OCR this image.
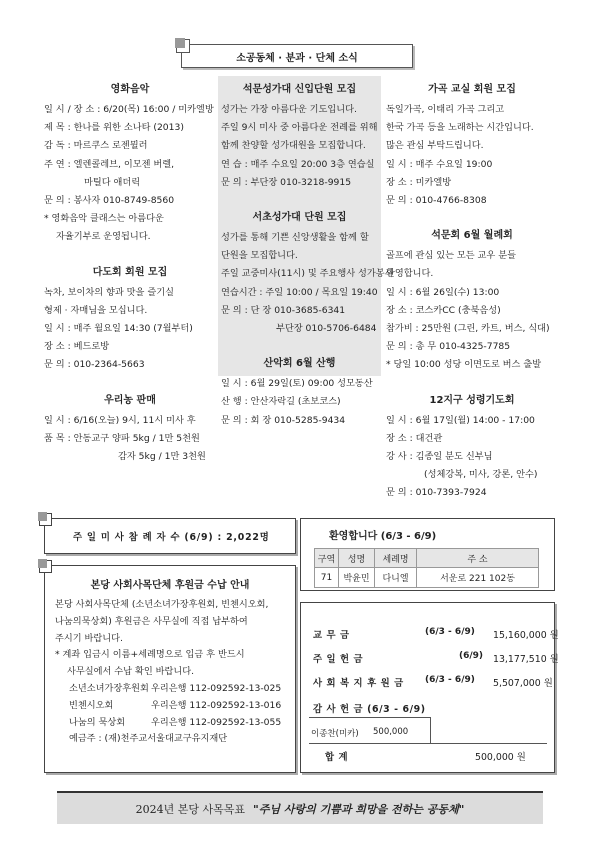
소공동체 · 분과 · 단체 소식
영화음악
일 시 / 장 소 : 6/20(목) 16:00 / 미카엘방
제 목 : 한나를 위한 소나타 (2013)
감 독 : 마르쿠스 로젠뮐러
주 연 : 엘렌콜레브, 이모젠 버렐,
마틸다 애더릭
문 의 : 봉사자 010-8749-8560
* 영화음악 클래스는 아름다운
자율기부로 운영됩니다.
다도회 회원 모집
녹차, 보이차의 향과 맛을 즐기실
형제 · 자매님을 모십니다.
일 시 : 매주 월요일 14:30 (7월부터)
장 소 : 베드로방
문 의 : 010-2364-5663
우리농 판매
일 시 : 6/16(오늘) 9시, 11시 미사 후
품 목 : 안동교구 양파 5kg / 1만 5천원
감자 5kg / 1만 3천원
석문성가대 신입단원 모집
성가는 가장 아름다운 기도입니다.
주일 9시 미사 중 아름다운 전례를 위해
함께 찬양할 성가대원을 모집합니다.
연 습 : 매주 수요일 20:00 3층 연습실
문 의 : 부단장 010-3218-9915
서초성가대 단원 모집
성가를 통해 기쁜 신앙생활을 함께 할
단원을 모집합니다.
주일 교중미사(11시) 및 주요행사 성가봉사
연습시간 : 주일 10:00 / 목요일 19:40
문 의 : 단 장 010-3685-6341
부단장 010-5706-6484
산악회 6월 산행
일 시 : 6월 29일(토) 09:00 성모동산
산 행 : 안산자락길 (초보코스)
문 의 : 회 장 010-5285-9434
가곡 교실 회원 모집
독일가곡, 이태리 가곡 그리고
한국 가곡 등을 노래하는 시간입니다.
많은 관심 부탁드립니다.
일 시 : 매주 수요일 19:00
장 소 : 미카엘방
문 의 : 010-4766-8308
석문회 6월 월례회
골프에 관심 있는 모든 교우 분들
환영합니다.
일 시 : 6월 26일(수) 13:00
장 소 : 코스카CC (충북음성)
참가비 : 25만원 (그린, 카트, 버스, 식대)
문 의 : 총 무 010-4325-7785
* 당일 10:00 성당 이면도로 버스 출발
12지구 성령기도회
일 시 : 6월 17일(월) 14:00 - 17:00
장 소 : 대건관
강 사 : 김종일 분도 신부님
(성체강복, 미사, 강론, 안수)
문 의 : 010-7393-7924
주 일 미 사 참 례 자 수 (6/9) : 2,022명
본당 사회사목단체 후원금 수납 안내
본당 사회사목단체 (소년소녀가장후원회, 빈첸시오회,
나눔의묵상회) 후원금은 사무실에 직접 납부하여
주시기 바랍니다.
* 계좌 입금시 이름+세례명으로 입금 후 반드시
사무실에서 수납 확인 바랍니다.
소년소녀가장후원회 우리은행 112-092592-13-025
빈첸시오회	우리은행 112-092592-13-016
나눔의 묵상회	우리은행 112-092592-13-055
예금주 : (재)천주교서울대교구유지재단
환영합니다 (6/3 - 6/9)
구역	성명	세례명	주 소
71	박윤민	다니엘	서운로 221 102동
교 무 금	(6/3 - 6/9)	15,160,000 원
주 일 헌 금	(6/9)	13,177,510 원
사 회 복 지 후 원 금	(6/3 - 6/9)	5,507,000 원
감 사 헌 금 (6/3 - 6/9)
이종찬(미카)	500,000
합 계	500,000 원
2024년 본당 사목목표 "주님 사랑의 기쁨과 희망을 전하는 공동체"
